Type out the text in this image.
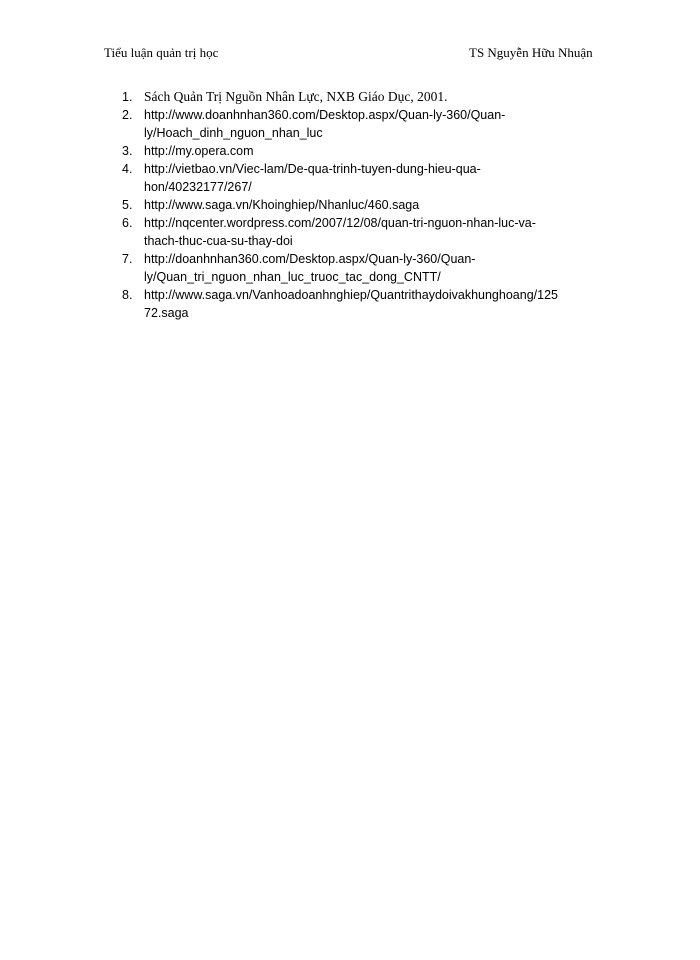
Tiểu luận quản trị học	TS Nguyễn Hữu Nhuận
1. Sách Quản Trị Nguồn Nhân Lực, NXB Giáo Dục, 2001.
2. http://www.doanhnhan360.com/Desktop.aspx/Quan-ly-360/Quan-
ly/Hoach_dinh_nguon_nhan_luc
3. http://my.opera.com
4. http://vietbao.vn/Viec-lam/De-qua-trinh-tuyen-dung-hieu-qua-
hon/40232177/267/
5. http://www.saga.vn/Khoinghiep/Nhanluc/460.saga
6. http://nqcenter.wordpress.com/2007/12/08/quan-tri-nguon-nhan-luc-va-
thach-thuc-cua-su-thay-doi
7. http://doanhnhan360.com/Desktop.aspx/Quan-ly-360/Quan-
ly/Quan_tri_nguon_nhan_luc_truoc_tac_dong_CNTT/
8. http://www.saga.vn/Vanhoadoanhnghiep/Quantrithaydoivakhunghoang/125
72.saga
